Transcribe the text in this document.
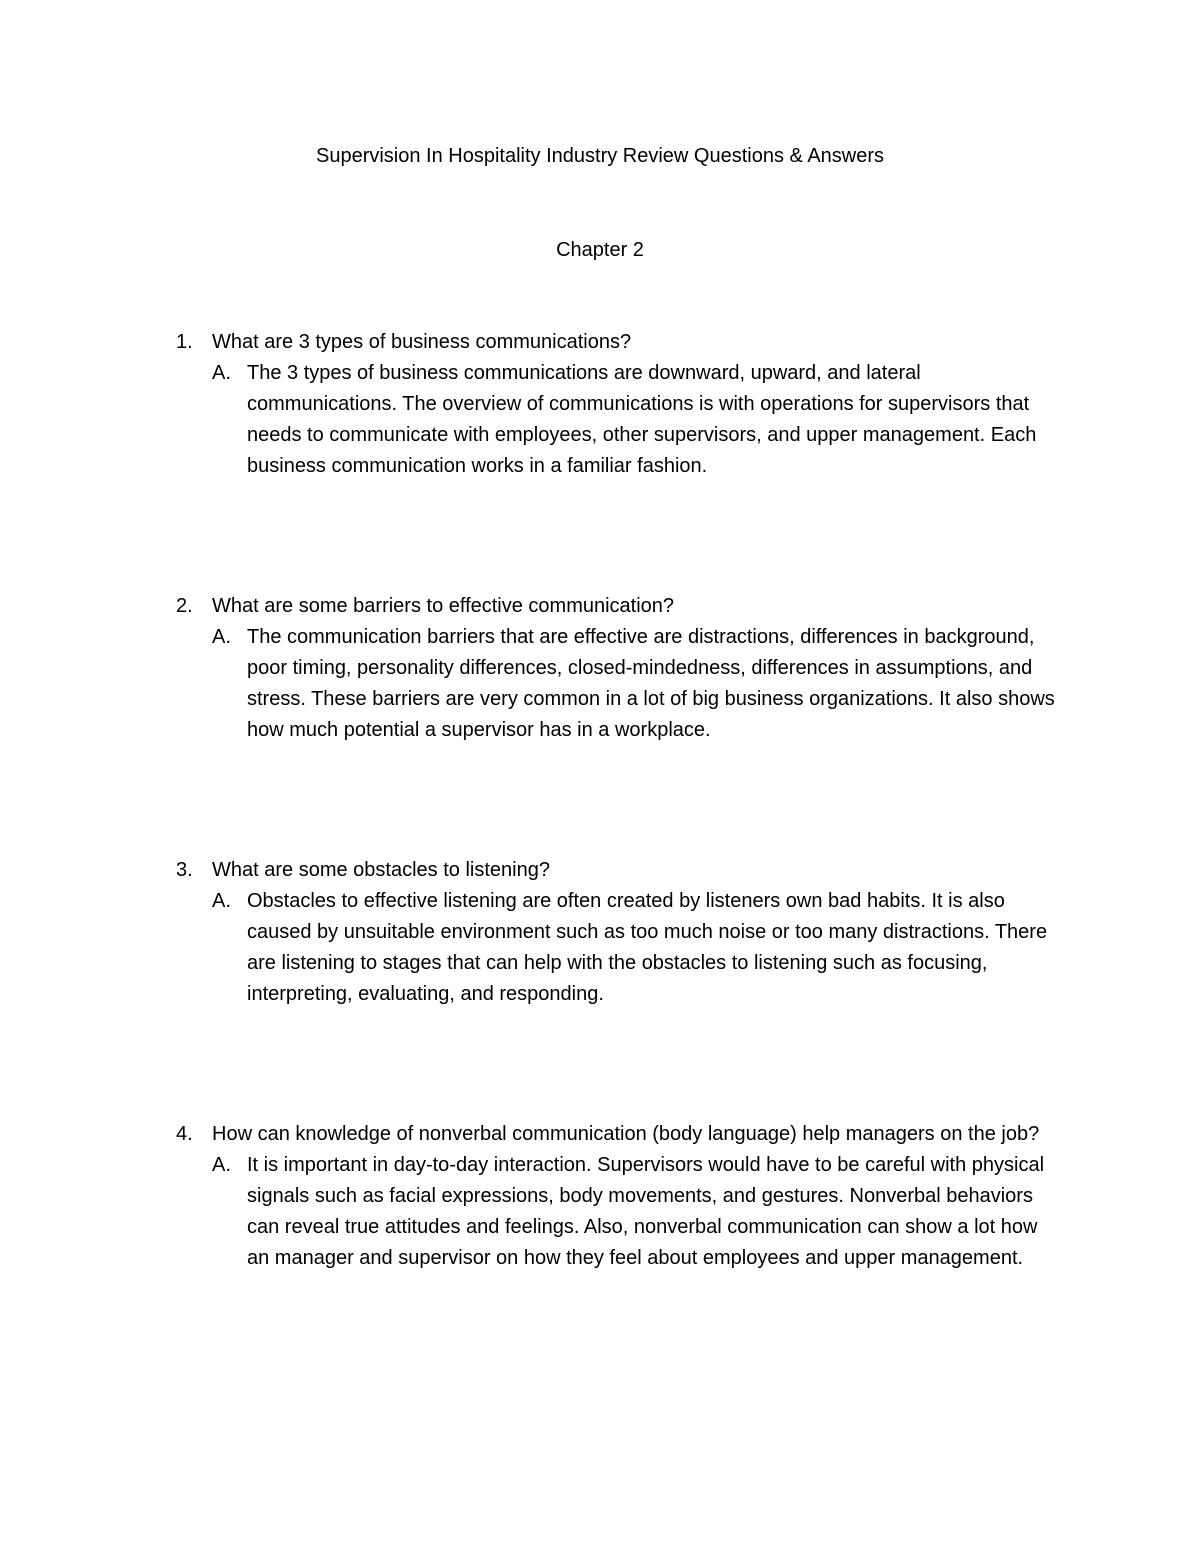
Supervision In Hospitality Industry Review Questions & Answers
Chapter 2
1. What are 3 types of business communications?
A. The 3 types of business communications are downward, upward, and lateral communications. The overview of communications is with operations for supervisors that needs to communicate with employees, other supervisors, and upper management. Each business communication works in a familiar fashion.
2. What are some barriers to effective communication?
A. The communication barriers that are effective are distractions, differences in background, poor timing, personality differences, closed-mindedness, differences in assumptions, and stress. These barriers are very common in a lot of big business organizations. It also shows how much potential a supervisor has in a workplace.
3. What are some obstacles to listening?
A. Obstacles to effective listening are often created by listeners own bad habits. It is also caused by unsuitable environment such as too much noise or too many distractions. There are listening to stages that can help with the obstacles to listening such as focusing, interpreting, evaluating, and responding.
4. How can knowledge of nonverbal communication (body language) help managers on the job?
A. It is important in day-to-day interaction. Supervisors would have to be careful with physical signals such as facial expressions, body movements, and gestures. Nonverbal behaviors can reveal true attitudes and feelings. Also, nonverbal communication can show a lot how an manager and supervisor on how they feel about employees and upper management.
